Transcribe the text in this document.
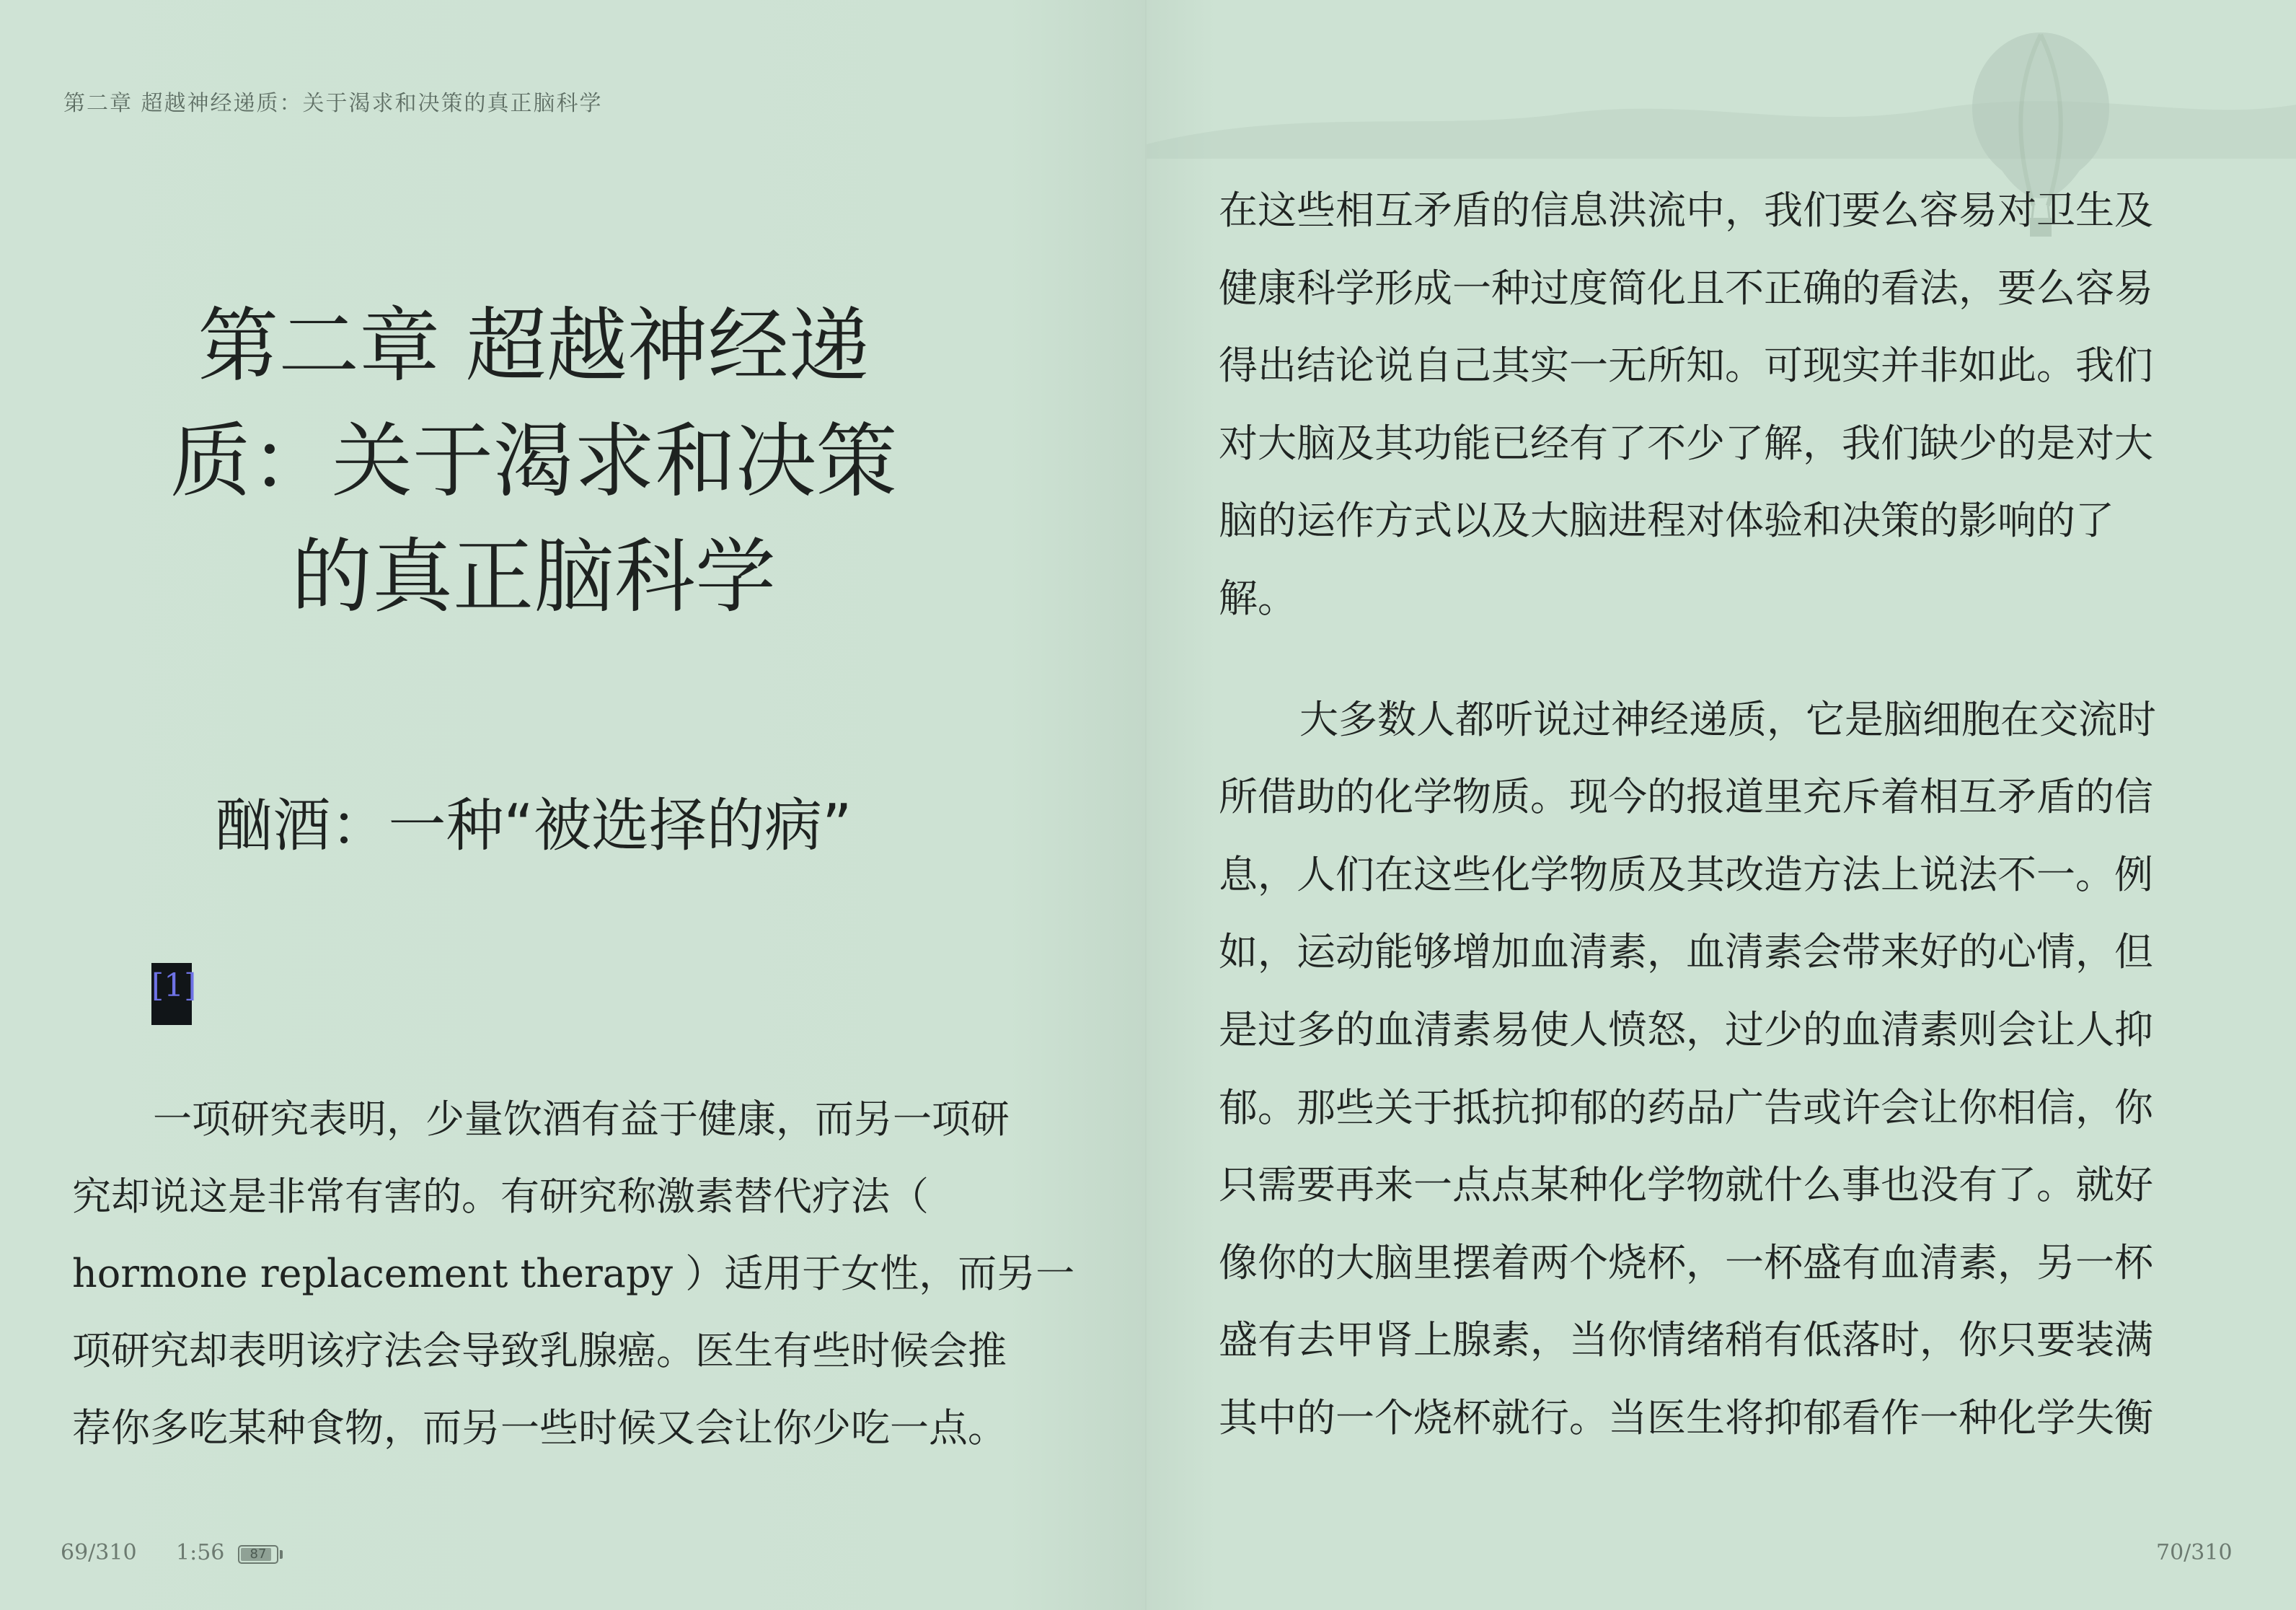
第二章 超越神经递质：关于渴求和决策的真正脑科学
第二章 超越神经递
质：关于渴求和决策
的真正脑科学
酗酒：一种“被选择的病”
[1]
一项研究表明，少量饮酒有益于健康，而另一项研
究却说这是非常有害的。有研究称激素替代疗法（
hormone replacement therapy ）适用于女性，而另一
项研究却表明该疗法会导致乳腺癌。医生有些时候会推
荐你多吃某种食物，而另一些时候又会让你少吃一点。
在这些相互矛盾的信息洪流中，我们要么容易对卫生及
健康科学形成一种过度简化且不正确的看法，要么容易
得出结论说自己其实一无所知。可现实并非如此。我们
对大脑及其功能已经有了不少了解，我们缺少的是对大
脑的运作方式以及大脑进程对体验和决策的影响的了
解。
大多数人都听说过神经递质，它是脑细胞在交流时
所借助的化学物质。现今的报道里充斥着相互矛盾的信
息，人们在这些化学物质及其改造方法上说法不一。例
如，运动能够增加血清素，血清素会带来好的心情，但
是过多的血清素易使人愤怒，过少的血清素则会让人抑
郁。那些关于抵抗抑郁的药品广告或许会让你相信，你
只需要再来一点点某种化学物就什么事也没有了。就好
像你的大脑里摆着两个烧杯，一杯盛有血清素，另一杯
盛有去甲肾上腺素，当你情绪稍有低落时，你只要装满
其中的一个烧杯就行。当医生将抑郁看作一种化学失衡
69/310 1:56	87	70/310
